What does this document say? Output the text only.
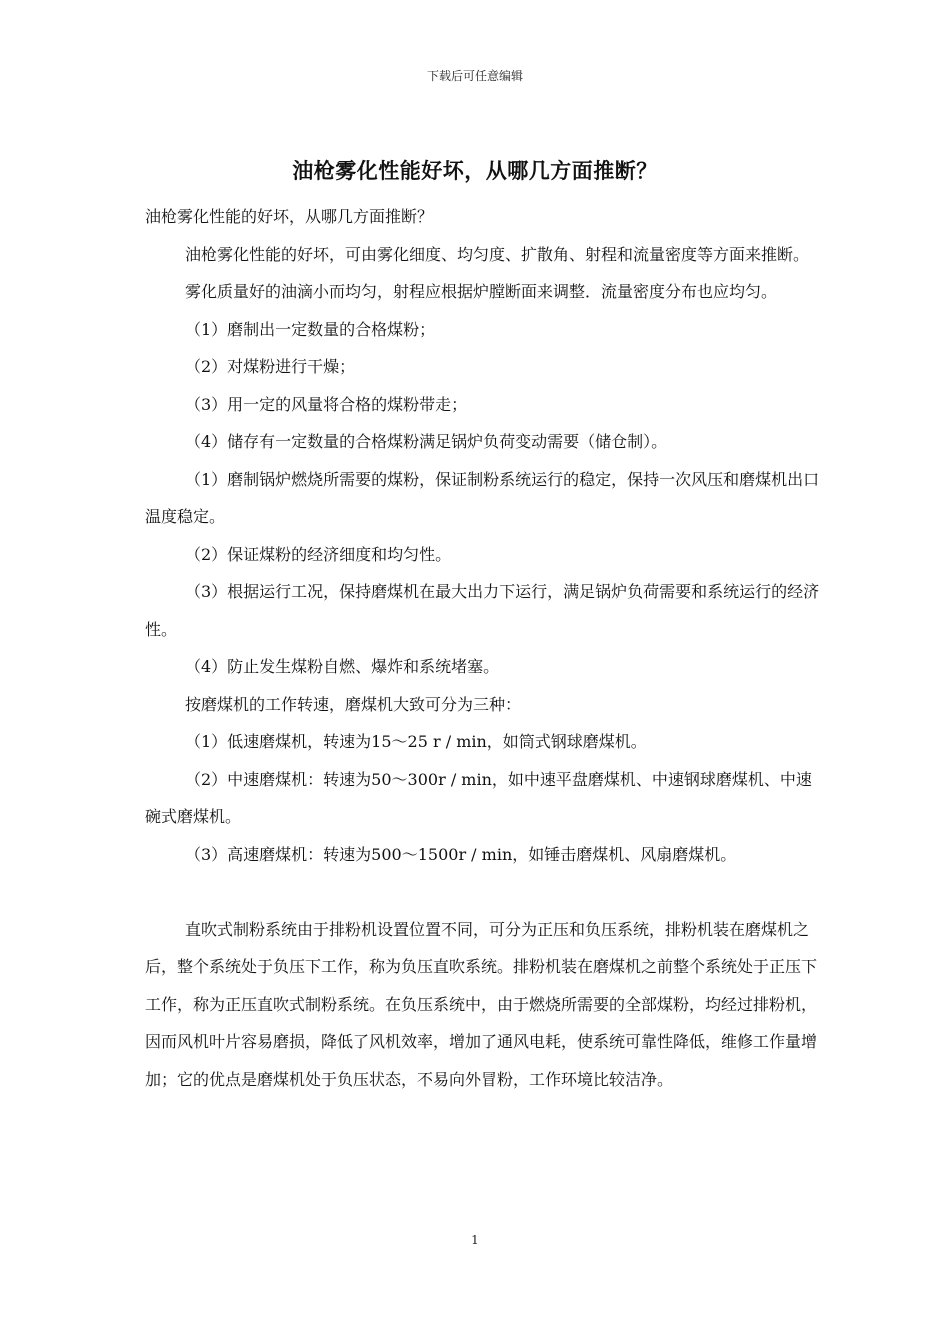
下载后可任意编辑
油枪雾化性能好坏，从哪几方面推断？

油枪雾化性能的好坏，从哪几方面推断？

油枪雾化性能的好坏，可由雾化细度、均匀度、扩散角、射程和流量密度等方面来推断。

雾化质量好的油滴小而均匀，射程应根据炉膛断面来调整．流量密度分布也应均匀。

（1）磨制出一定数量的合格煤粉；

（2）对煤粉进行干燥；

（3）用一定的风量将合格的煤粉带走；

（4）储存有一定数量的合格煤粉满足锅炉负荷变动需要（储仓制）。

（1）磨制锅炉燃烧所需要的煤粉，保证制粉系统运行的稳定，保持一次风压和磨煤机出口温度稳定。

（2）保证煤粉的经济细度和均匀性。

（3）根据运行工况，保持磨煤机在最大出力下运行，满足锅炉负荷需要和系统运行的经济性。

（4）防止发生煤粉自燃、爆炸和系统堵塞。

按磨煤机的工作转速，磨煤机大致可分为三种：

（1）低速磨煤机，转速为15～25 r / min，如筒式钢球磨煤机。

（2）中速磨煤机：转速为50～300r / min，如中速平盘磨煤机、中速钢球磨煤机、中速碗式磨煤机。

（3）高速磨煤机：转速为500～1500r / min，如锤击磨煤机、风扇磨煤机。

直吹式制粉系统由于排粉机设置位置不同，可分为正压和负压系统，排粉机装在磨煤机之后，整个系统处于负压下工作，称为负压直吹系统。排粉机装在磨煤机之前整个系统处于正压下工作，称为正压直吹式制粉系统。在负压系统中，由于燃烧所需要的全部煤粉，均经过排粉机，因而风机叶片容易磨损，降低了风机效率，增加了通风电耗，使系统可靠性降低，维修工作量增加；它的优点是磨煤机处于负压状态，不易向外冒粉，工作环境比较洁净。

1
